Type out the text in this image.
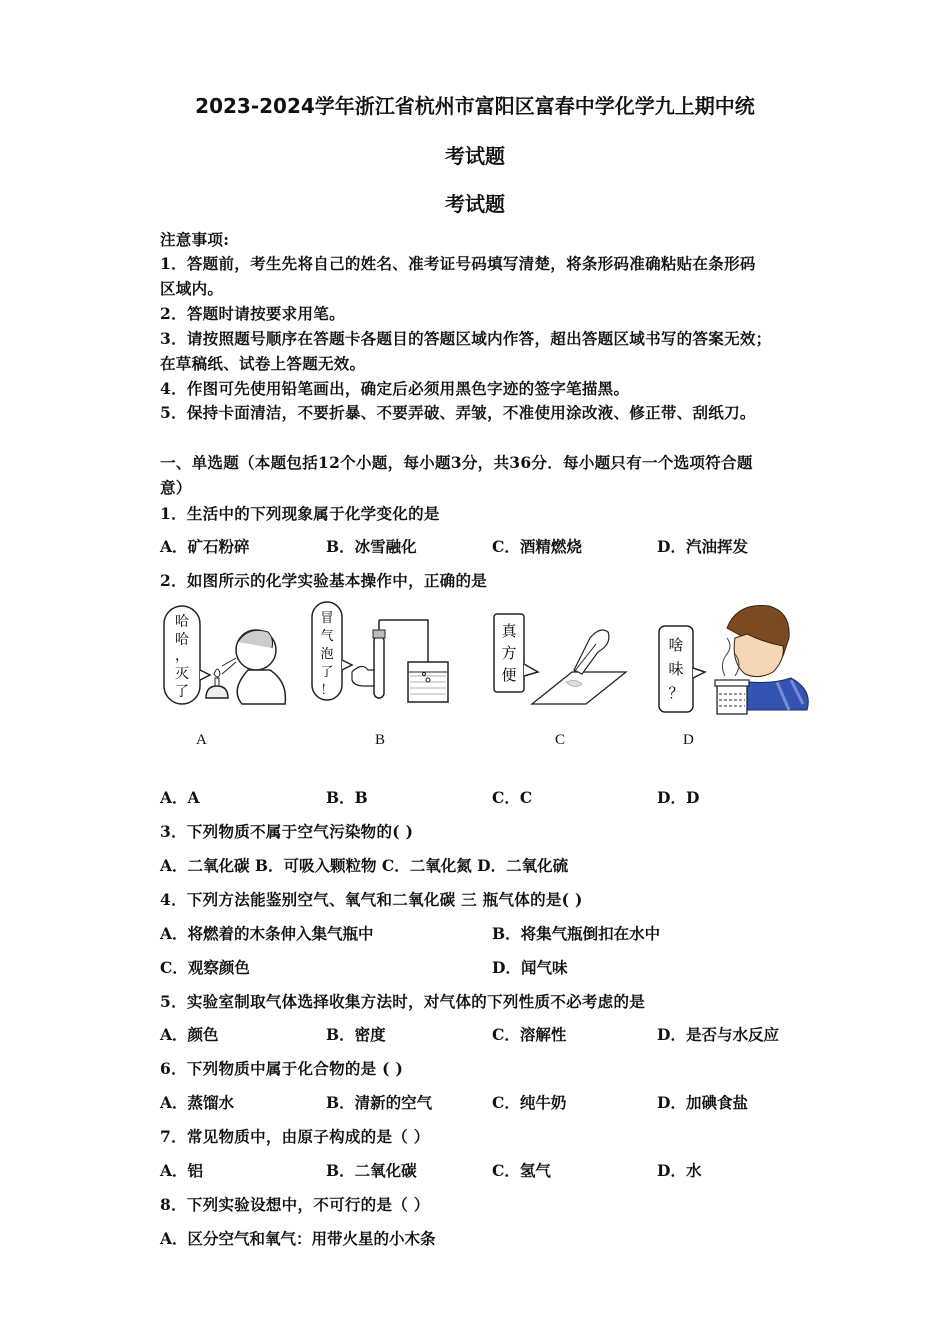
2023-2024学年浙江省杭州市富阳区富春中学化学九上期中统
考试题
考试题
注意事项:
1．答题前，考生先将自己的姓名、准考证号码填写清楚，将条形码准确粘贴在条形码
区域内。
2．答题时请按要求用笔。
3．请按照题号顺序在答题卡各题目的答题区域内作答，超出答题区域书写的答案无效；
在草稿纸、试卷上答题无效。
4．作图可先使用铅笔画出，确定后必须用黑色字迹的签字笔描黑。
5．保持卡面清洁，不要折暴、不要弄破、弄皱，不准使用涂改液、修正带、刮纸刀。
一、单选题（本题包括12个小题，每小题3分，共36分．每小题只有一个选项符合题
意）
1．生活中的下列现象属于化学变化的是
A．矿石粉碎	B．冰雪融化	C．酒精燃烧	D．汽油挥发
2．如图所示的化学实验基本操作中，正确的是
哈
哈
，
灭
了
冒
气
泡
了
！
真
方
便
啥
味
？
A	B	C	D
A．A	B．B	C．C	D．D
3．下列物质不属于空气污染物的( )
A．二氧化碳 B．可吸入颗粒物 C．二氧化氮 D．二氧化硫
4．下列方法能鉴别空气、氧气和二氧化碳 三 瓶气体的是( )
A．将燃着的木条伸入集气瓶中	B．将集气瓶倒扣在水中
C．观察颜色	D．闻气味
5．实验室制取气体选择收集方法时，对气体的下列性质不必考虑的是
A．颜色	B．密度	C．溶解性	D．是否与水反应
6．下列物质中属于化合物的是 ( )
A．蒸馏水	B．清新的空气	C．纯牛奶	D．加碘食盐
7．常见物质中，由原子构成的是（ ）
A．铝	B．二氧化碳	C．氢气	D．水
8．下列实验设想中，不可行的是（ ）
A．区分空气和氧气：用带火星的小木条
